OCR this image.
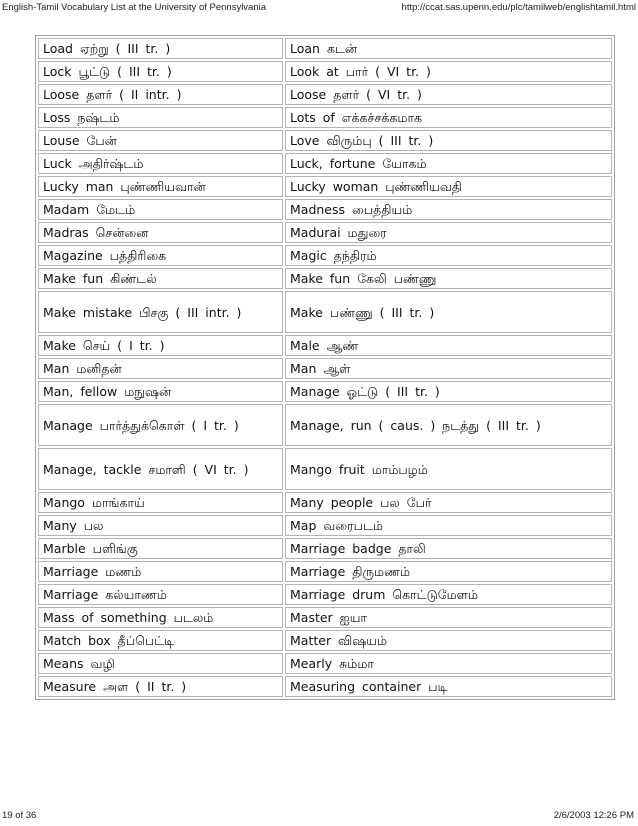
English-Tamil Vocabulary List at the University of Pennsylvania	http://ccat.sas.upenn.edu/plc/tamilweb/englishtamil.html
Load ஏற்று ( III tr. )	Loan கடன்
Lock பூட்டு ( III tr. )	Look at பார் ( VI tr. )
Loose தளர் ( II intr. )	Loose தளர் ( VI tr. )
Loss நஷ்டம்	Lots of எக்கச்சக்கமாக
Louse பேன்	Love விரும்பு ( III tr. )
Luck அதிர்ஷ்டம்	Luck, fortune யோகம்
Lucky man புண்ணியவான்	Lucky woman புண்ணியவதி
Madam மேடம்	Madness பைத்தியம்
Madras சென்னை	Madurai மதுரை
Magazine பத்திரிகை	Magic தந்திரம்
Make fun கிண்டல்	Make fun கேலி பண்ணு
Make mistake பிசகு ( III intr. )	Make பண்ணு ( III tr. )
Make செய் ( I tr. )	Male ஆண்
Man மனிதன்	Man ஆள்
Man, fellow மநுஷன்	Manage ஓட்டு ( III tr. )
Manage பார்த்துக்கொள் ( I tr. )	Manage, run ( caus. ) நடத்து ( III tr. )
Manage, tackle சமாளி ( VI tr. )	Mango fruit மாம்பழம்
Mango மாங்காய்	Many people பல பேர்
Many பல	Map வரைபடம்
Marble பளிங்கு	Marriage badge தாலி
Marriage மணம்	Marriage திருமணம்
Marriage கல்யாணம்	Marriage drum கொட்டுமேளம்
Mass of something படலம்	Master ஐயா
Match box தீப்பெட்டி	Matter விஷயம்
Means வழி	Mearly சும்மா
Measure அள ( II tr. )	Measuring container படி
19 of 36	2/6/2003 12:26 PM
